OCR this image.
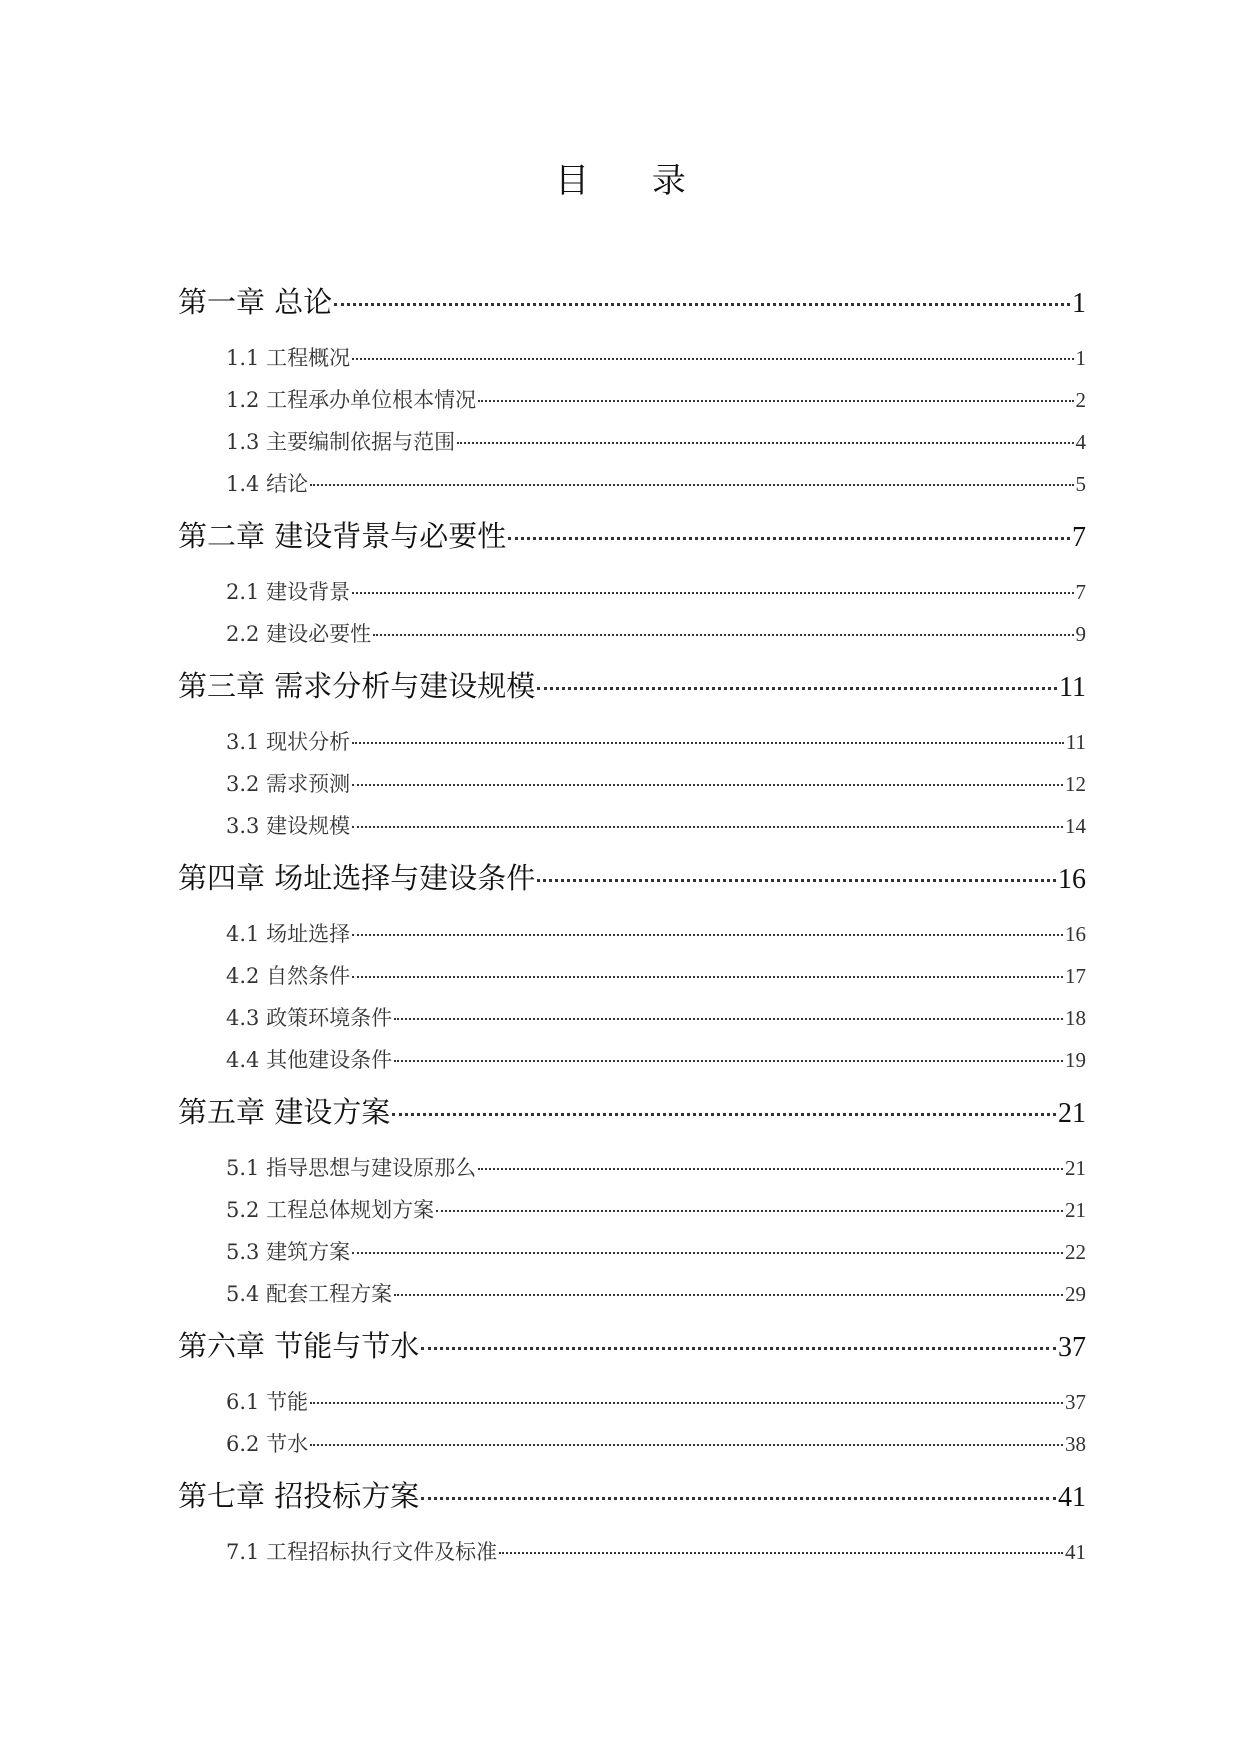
目 录
第一章 总论	1
1.1 工程概况	1
1.2 工程承办单位根本情况	2
1.3 主要编制依据与范围	4
1.4 结论	5
第二章 建设背景与必要性	7
2.1 建设背景	7
2.2 建设必要性	9
第三章 需求分析与建设规模	11
3.1 现状分析	11
3.2 需求预测	12
3.3 建设规模	14
第四章 场址选择与建设条件	16
4.1 场址选择	16
4.2 自然条件	17
4.3 政策环境条件	18
4.4 其他建设条件	19
第五章 建设方案	21
5.1 指导思想与建设原那么	21
5.2 工程总体规划方案	21
5.3 建筑方案	22
5.4 配套工程方案	29
第六章 节能与节水	37
6.1 节能	37
6.2 节水	38
第七章 招投标方案	41
7.1 工程招标执行文件及标准	41
